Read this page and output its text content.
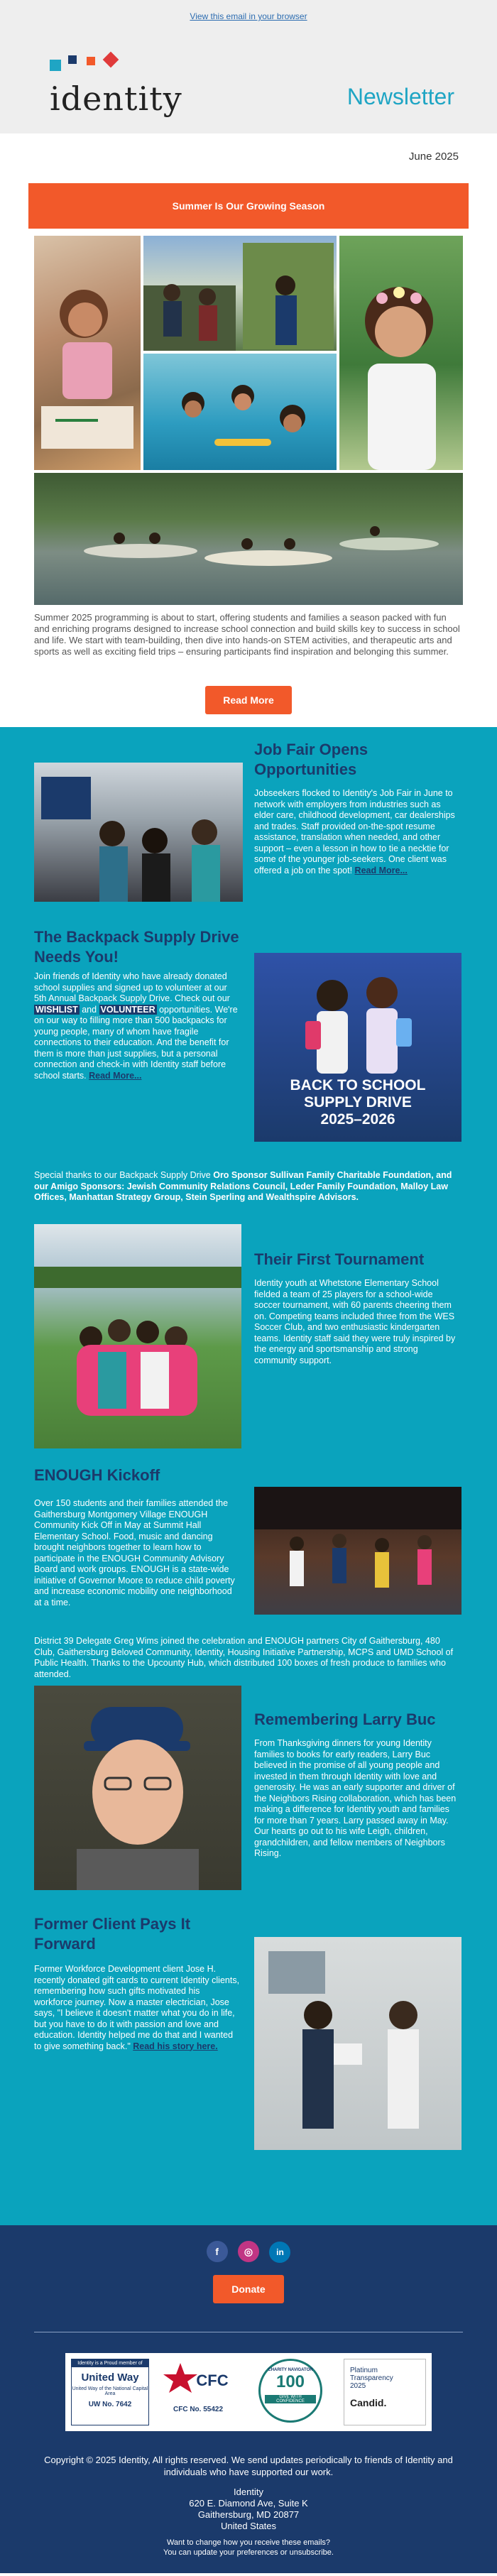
View this email in your browser
identity	Newsletter
June 2025
Summer Is Our Growing Season
Summer 2025 programming is about to start, offering students and families a season packed with fun and enriching programs designed to increase school connection and build skills key to success in school and life. We start with team-building, then dive into hands-on STEM activities, and therapeutic arts and sports as well as exciting field trips – ensuring participants find inspiration and belonging this summer.
Read More
Job Fair Opens Opportunities
Jobseekers flocked to Identity's Job Fair in June to network with employers from industries such as elder care, childhood development, car dealerships and trades. Staff provided on-the-spot resume assistance, translation when needed, and other support – even a lesson in how to tie a necktie for some of the younger job-seekers. One client was offered a job on the spot! Read More...
The Backpack Supply Drive Needs You!
Join friends of Identity who have already donated school supplies and signed up to volunteer at our 5th Annual Backpack Supply Drive. Check out our WISHLIST and VOLUNTEER opportunities. We're on our way to filling more than 500 backpacks for young people, many of whom have fragile connections to their education. And the benefit for them is more than just supplies, but a personal connection and check-in with Identity staff before school starts. Read More...
BACK TO SCHOOL
SUPPLY DRIVE
2025–2026
Special thanks to our Backpack Supply Drive Oro Sponsor Sullivan Family Charitable Foundation, and our Amigo Sponsors: Jewish Community Relations Council, Leder Family Foundation, Malloy Law Offices, Manhattan Strategy Group, Stein Sperling and Wealthspire Advisors.
Their First Tournament
Identity youth at Whetstone Elementary School fielded a team of 25 players for a school-wide soccer tournament, with 60 parents cheering them on. Competing teams included three from the WES Soccer Club, and two enthusiastic kindergarten teams. Identity staff said they were truly inspired by the energy and sportsmanship and strong community support.
ENOUGH Kickoff
Over 150 students and their families attended the Gaithersburg Montgomery Village ENOUGH Community Kick Off in May at Summit Hall Elementary School. Food, music and dancing brought neighbors together to learn how to participate in the ENOUGH Community Advisory Board and work groups. ENOUGH is a state-wide initiative of Governor Moore to reduce child poverty and increase economic mobility one neighborhood at a time.
District 39 Delegate Greg Wims joined the celebration and ENOUGH partners City of Gaithersburg, 480 Club, Gaithersburg Beloved Community, Identity, Housing Initiative Partnership, MCPS and UMD School of Public Health. Thanks to the Upcounty Hub, which distributed 100 boxes of fresh produce to families who attended.
Remembering Larry Buc
From Thanksgiving dinners for young Identity families to books for early readers, Larry Buc believed in the promise of all young people and invested in them through Identity with love and generosity. He was an early supporter and driver of the Neighbors Rising collaboration, which has been making a difference for Identity youth and families for more than 7 years. Larry passed away in May. Our hearts go out to his wife Leigh, children, grandchildren, and fellow members of Neighbors Rising.
Former Client Pays It Forward
Former Workforce Development client Jose H. recently donated gift cards to current Identity clients, remembering how such gifts motivated his workforce journey. Now a master electrician, Jose says, "I believe it doesn't matter what you do in life, but you have to do it with passion and love and education. Identity helped me do that and I wanted to give something back." Read his story here.
f	◎	in
Donate
Identity is a Proud member of
United Way
United Way of the National Capital Area
UW No. 7642
CFC
CFC No. 55422
CHARITY NAVIGATOR
100
GIVE WITH CONFIDENCE
Platinum
Transparency
2025
Candid.
Copyright © 2025 Identity, All rights reserved. We send updates periodically to friends of Identity and individuals who have supported our work.
Identity
620 E. Diamond Ave, Suite K
Gaithersburg, MD 20877
United States
Want to change how you receive these emails?
You can update your preferences or unsubscribe.
